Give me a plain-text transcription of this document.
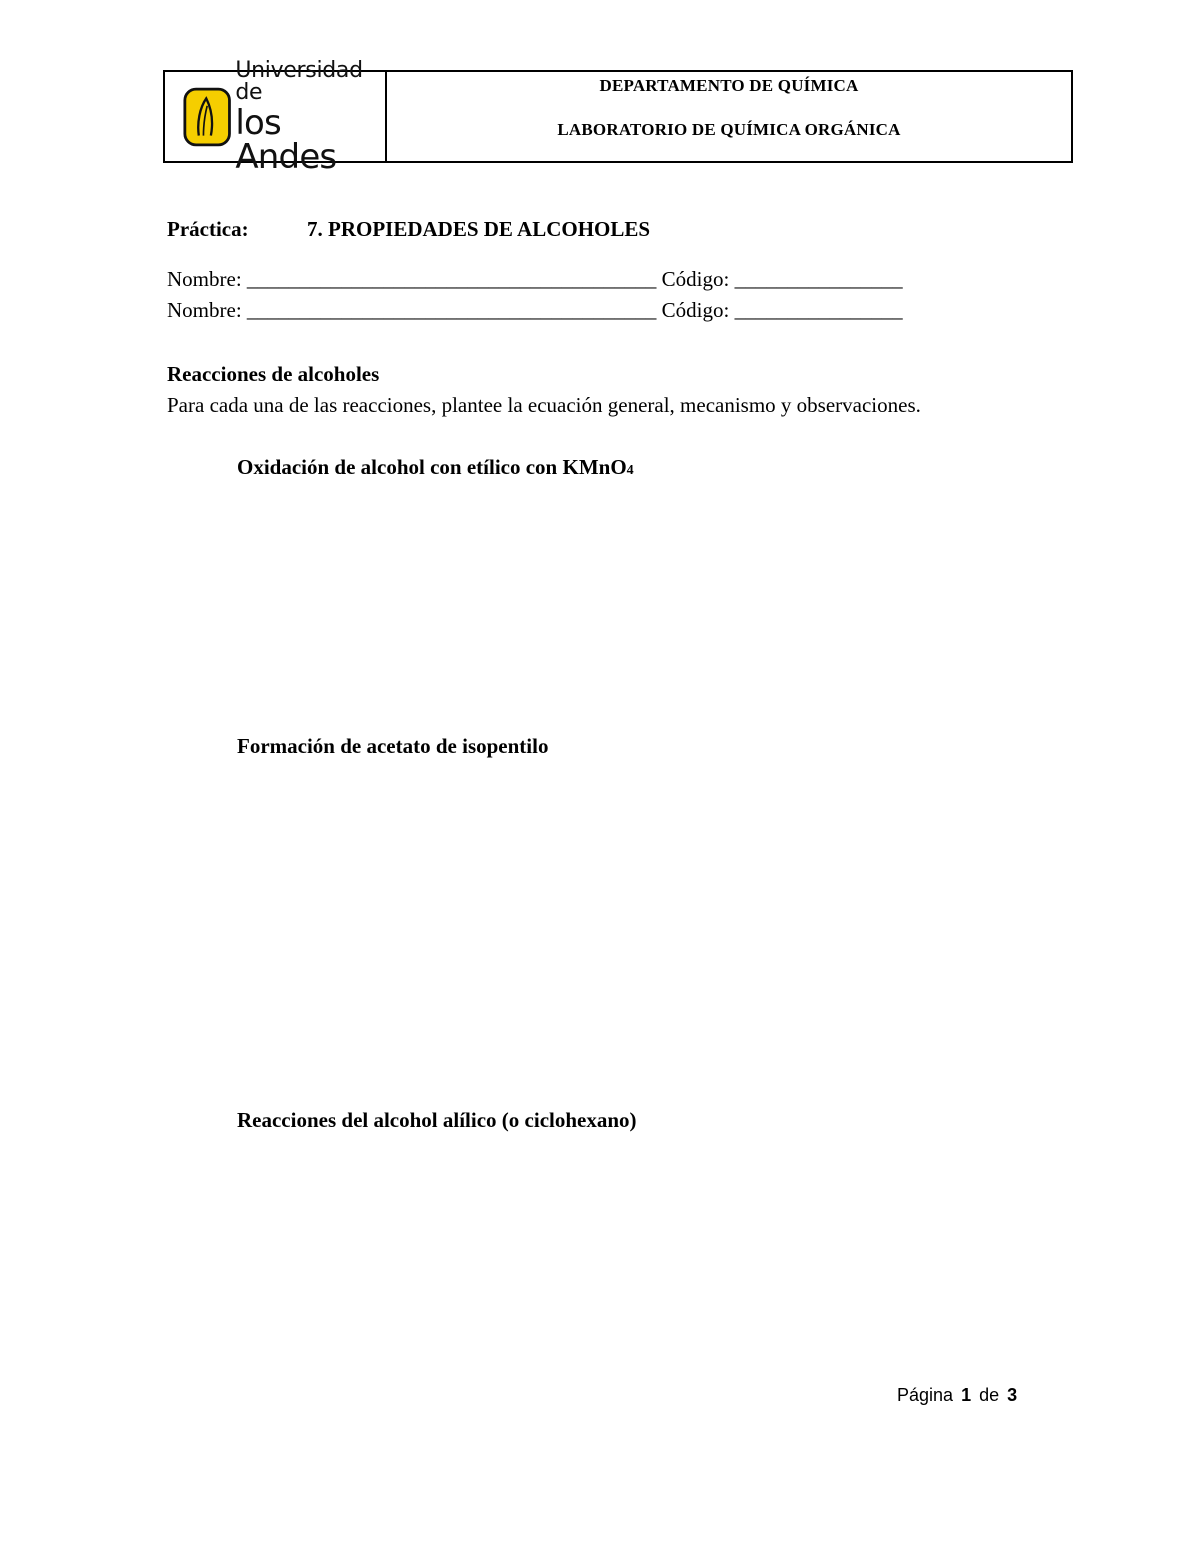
Universidad de
los Andes
DEPARTAMENTO DE QUÍMICA
LABORATORIO DE QUÍMICA ORGÁNICA
Práctica:	7. PROPIEDADES DE ALCOHOLES
Nombre: _______________________________________ Código: ________________
Nombre: _______________________________________ Código: ________________
Reacciones de alcoholes
Para cada una de las reacciones, plantee la ecuación general, mecanismo y observaciones.
Oxidación de alcohol con etílico con KMnO4
Formación de acetato de isopentilo
Reacciones del alcohol alílico (o ciclohexano)
Página 1 de 3
